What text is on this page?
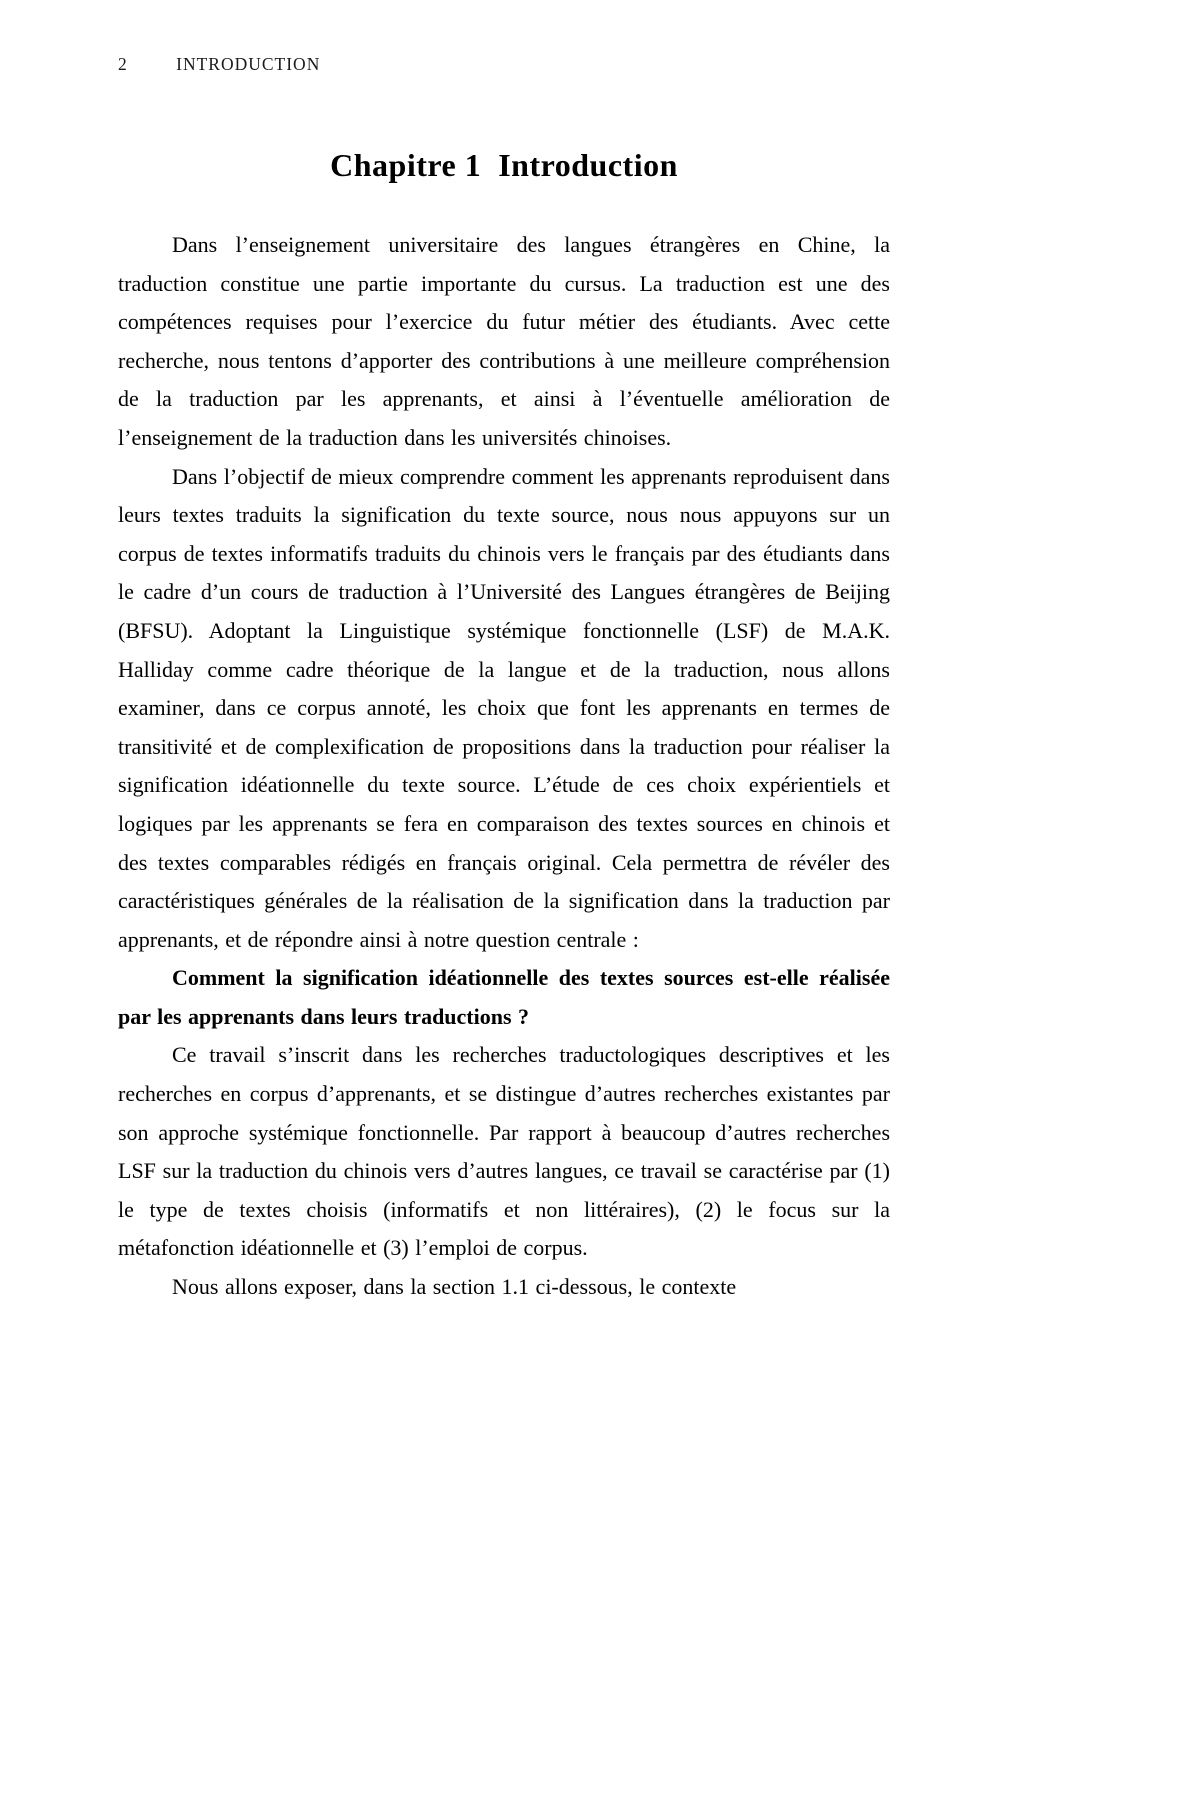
2	INTRODUCTION
Chapitre 1  Introduction

Dans l’enseignement universitaire des langues étrangères en Chine, la traduction constitue une partie importante du cursus. La traduction est une des compétences requises pour l’exercice du futur métier des étudiants. Avec cette recherche, nous tentons d’apporter des contributions à une meilleure compréhension de la traduction par les apprenants, et ainsi à l’éventuelle amélioration de l’enseignement de la traduction dans les universités chinoises.

Dans l’objectif de mieux comprendre comment les apprenants reproduisent dans leurs textes traduits la signification du texte source, nous nous appuyons sur un corpus de textes informatifs traduits du chinois vers le français par des étudiants dans le cadre d’un cours de traduction à l’Université des Langues étrangères de Beijing (BFSU). Adoptant la Linguistique systémique fonctionnelle (LSF) de M.A.K. Halliday comme cadre théorique de la langue et de la traduction, nous allons examiner, dans ce corpus annoté, les choix que font les apprenants en termes de transitivité et de complexification de propositions dans la traduction pour réaliser la signification idéationnelle du texte source. L’étude de ces choix expérientiels et logiques par les apprenants se fera en comparaison des textes sources en chinois et des textes comparables rédigés en français original. Cela permettra de révéler des caractéristiques générales de la réalisation de la signification dans la traduction par apprenants, et de répondre ainsi à notre question centrale :

Comment la signification idéationnelle des textes sources est-elle réalisée par les apprenants dans leurs traductions ?

Ce travail s’inscrit dans les recherches traductologiques descriptives et les recherches en corpus d’apprenants, et se distingue d’autres recherches existantes par son approche systémique fonctionnelle. Par rapport à beaucoup d’autres recherches LSF sur la traduction du chinois vers d’autres langues, ce travail se caractérise par (1) le type de textes choisis (informatifs et non littéraires), (2) le focus sur la métafonction idéationnelle et (3) l’emploi de corpus.

Nous allons exposer, dans la section 1.1 ci-dessous, le contexte
